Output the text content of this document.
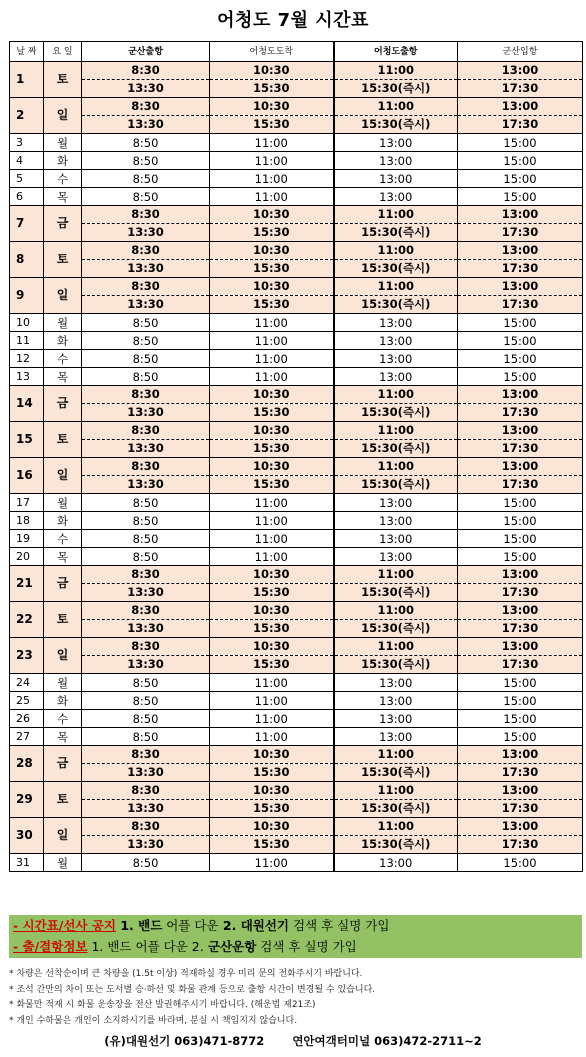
어청도 7월 시간표
날 짜	요 일	군산출항	어청도도착	어청도출항	군산입항
1	토	8:30	10:30	11:00	13:00
		13:30	15:30	15:30(즉시)	17:30
2	일	8:30	10:30	11:00	13:00
		13:30	15:30	15:30(즉시)	17:30
3	월	8:50	11:00	13:00	15:00
4	화	8:50	11:00	13:00	15:00
5	수	8:50	11:00	13:00	15:00
6	목	8:50	11:00	13:00	15:00
7	금	8:30	10:30	11:00	13:00
		13:30	15:30	15:30(즉시)	17:30
8	토	8:30	10:30	11:00	13:00
		13:30	15:30	15:30(즉시)	17:30
9	일	8:30	10:30	11:00	13:00
		13:30	15:30	15:30(즉시)	17:30
10	월	8:50	11:00	13:00	15:00
11	화	8:50	11:00	13:00	15:00
12	수	8:50	11:00	13:00	15:00
13	목	8:50	11:00	13:00	15:00
14	금	8:30	10:30	11:00	13:00
		13:30	15:30	15:30(즉시)	17:30
15	토	8:30	10:30	11:00	13:00
		13:30	15:30	15:30(즉시)	17:30
16	일	8:30	10:30	11:00	13:00
		13:30	15:30	15:30(즉시)	17:30
17	월	8:50	11:00	13:00	15:00
18	화	8:50	11:00	13:00	15:00
19	수	8:50	11:00	13:00	15:00
20	목	8:50	11:00	13:00	15:00
21	금	8:30	10:30	11:00	13:00
		13:30	15:30	15:30(즉시)	17:30
22	토	8:30	10:30	11:00	13:00
		13:30	15:30	15:30(즉시)	17:30
23	일	8:30	10:30	11:00	13:00
		13:30	15:30	15:30(즉시)	17:30
24	월	8:50	11:00	13:00	15:00
25	화	8:50	11:00	13:00	15:00
26	수	8:50	11:00	13:00	15:00
27	목	8:50	11:00	13:00	15:00
28	금	8:30	10:30	11:00	13:00
		13:30	15:30	15:30(즉시)	17:30
29	토	8:30	10:30	11:00	13:00
		13:30	15:30	15:30(즉시)	17:30
30	일	8:30	10:30	11:00	13:00
		13:30	15:30	15:30(즉시)	17:30
31	월	8:50	11:00	13:00	15:00
- 시간표/선사 공지 1. 밴드 어플 다운 2. 대원선기 검색 후 실명 가입
- 출/결항정보 1. 밴드 어플 다운 2. 군산운항 검색 후 실명 가입
* 차량은 선착순이며 큰 차량을 (1.5t 이상) 적재하실 경우 미리 문의 전화주시기 바랍니다.
* 조석 간만의 차이 또는 도서별 승·하선 및 화물 관계 등으로 출항 시간이 변경될 수 있습니다.
* 화물만 적재 시 화물 운송장을 전산 발권해주시기 바랍니다. (해운법 제21조)
* 개인 수하물은 개인이 소지하시기를 바라며, 분실 시 책임지지 않습니다.
(유)대원선기 063)471-8772 연안여객터미널 063)472-2711~2
